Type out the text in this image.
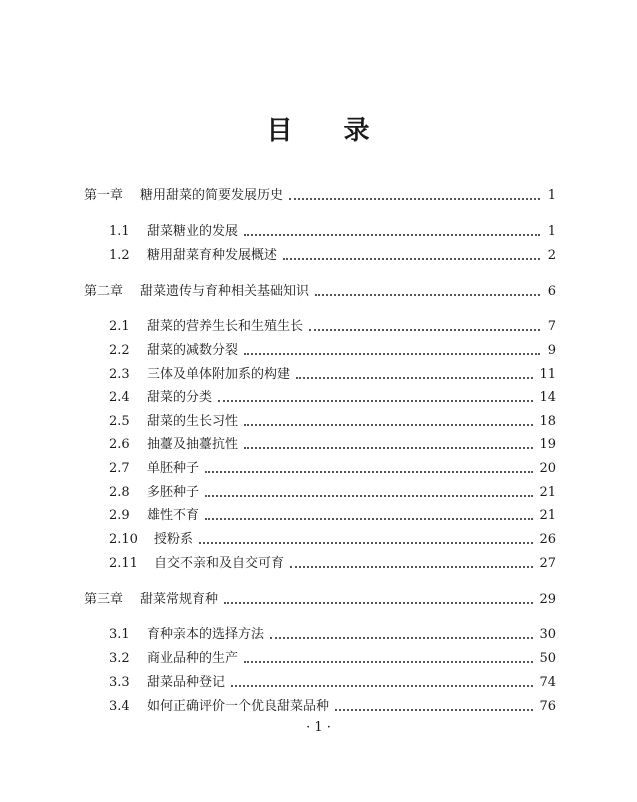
目 录
第一章	糖用甜菜的简要发展历史	1
1.1	甜菜糖业的发展	1
1.2	糖用甜菜育种发展概述	2
第二章	甜菜遗传与育种相关基础知识	6
2.1	甜菜的营养生长和生殖生长	7
2.2	甜菜的减数分裂	9
2.3	三体及单体附加系的构建	11
2.4	甜菜的分类	14
2.5	甜菜的生长习性	18
2.6	抽薹及抽薹抗性	19
2.7	单胚种子	20
2.8	多胚种子	21
2.9	雄性不育	21
2.10	授粉系	26
2.11	自交不亲和及自交可育	27
第三章	甜菜常规育种	29
3.1	育种亲本的选择方法	30
3.2	商业品种的生产	50
3.3	甜菜品种登记	74
3.4	如何正确评价一个优良甜菜品种	76
· 1 ·
